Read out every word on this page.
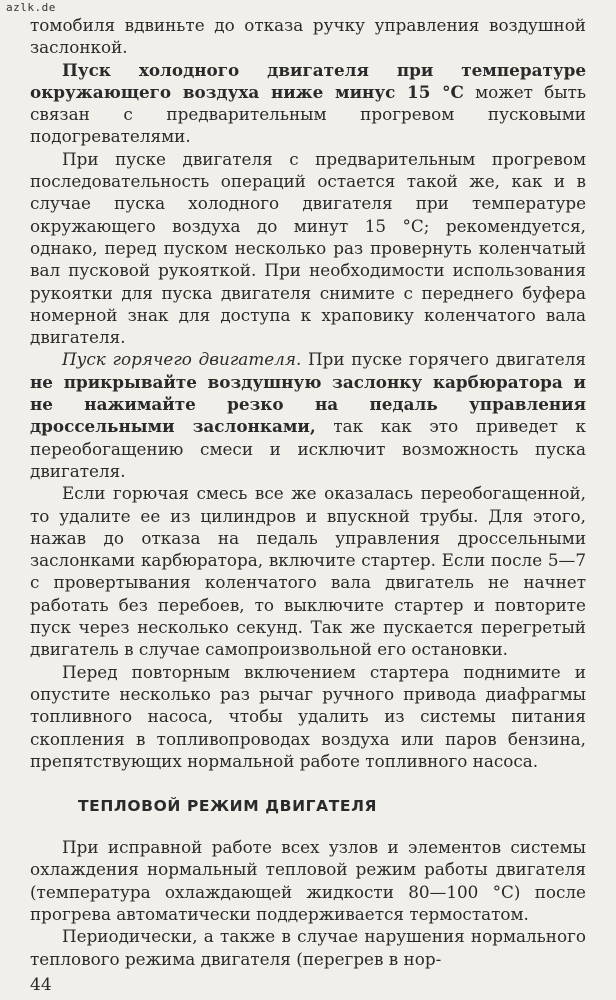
azlk.de

томобиля вдвиньте до отказа ручку управления воздушной заслонкой.

Пуск холодного двигателя при температуре окружающего воздуха ниже минус 15 °С может быть связан с предварительным прогревом пусковыми подогревателями.

При пуске двигателя с предварительным прогревом последовательность операций остается такой же, как и в случае пуска холодного двигателя при температуре окружающего воздуха до минут 15 °С; рекомендуется, однако, перед пуском несколько раз провернуть коленчатый вал пусковой рукояткой. При необходимости использования рукоятки для пуска двигателя снимите с переднего буфера номерной знак для доступа к храповику коленчатого вала двигателя.

Пуск горячего двигателя. При пуске горячего двигателя не прикрывайте воздушную заслонку карбюратора и не нажимайте резко на педаль управления дроссельными заслонками, так как это приведет к переобогащению смеси и исключит возможность пуска двигателя.

Если горючая смесь все же оказалась переобогащенной, то удалите ее из цилиндров и впускной трубы. Для этого, нажав до отказа на педаль управления дроссельными заслонками карбюратора, включите стартер. Если после 5—7 с провертывания коленчатого вала двигатель не начнет работать без перебоев, то выключите стартер и повторите пуск через несколько секунд. Так же пускается перегретый двигатель в случае самопроизвольной его остановки.

Перед повторным включением стартера поднимите и опустите несколько раз рычаг ручного привода диафрагмы топливного насоса, чтобы удалить из системы питания скопления в топливопроводах воздуха или паров бензина, препятствующих нормальной работе топливного насоса.

ТЕПЛОВОЙ РЕЖИМ ДВИГАТЕЛЯ

При исправной работе всех узлов и элементов системы охлаждения нормальный тепловой режим работы двигателя (температура охлаждающей жидкости 80—100 °С) после прогрева автоматически поддерживается термостатом.

Периодически, а также в случае нарушения нормального теплового режима двигателя (перегрев в нор-

44
